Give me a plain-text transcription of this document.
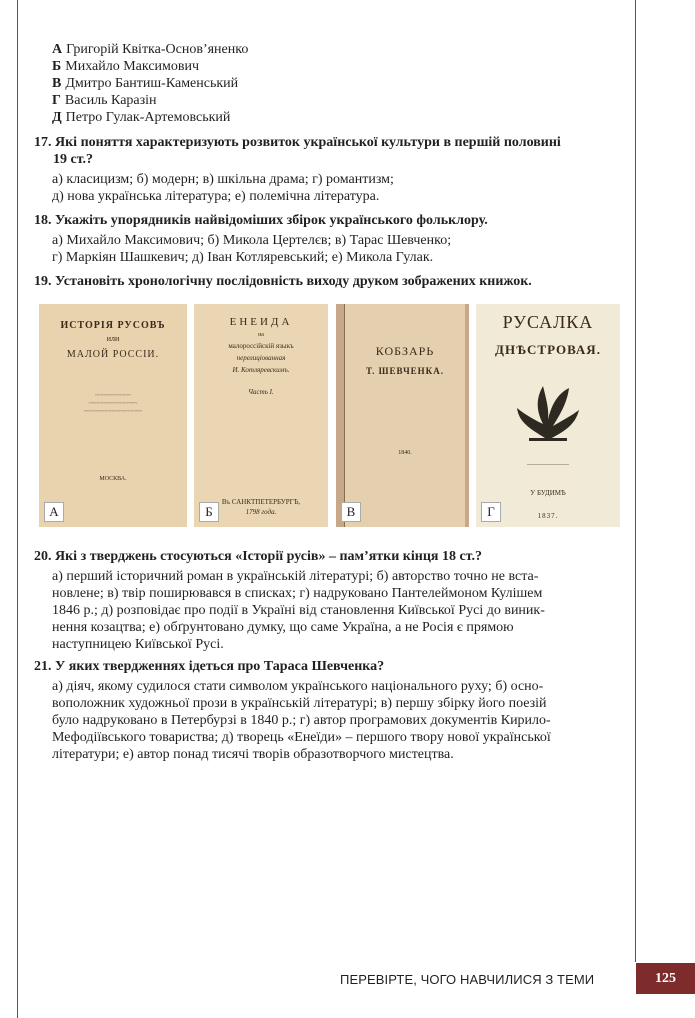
А Григорій Квітка-Основ’яненко
Б Михайло Максимович
В Дмитро Бантиш-Каменський
Г Василь Каразін
Д Петро Гулак-Артемовський
17. Які поняття характеризують розвиток української культури в першій половині
19 ст.?
а) класицизм; б) модерн; в) шкільна драма; г) романтизм;
д) нова українська література; е) полемічна література.
18. Укажіть упорядників найвідоміших збірок українського фольклору.
а) Михайло Максимович; б) Микола Цертелєв; в) Тарас Шевченко;
г) Маркіян Шашкевич; д) Іван Котляревський; е) Микола Гулак.
19. Установіть хронологічну послідовність виходу друком зображених книжок.
ИСТОРІЯ РУСОВЪ
или
МАЛОЙ РОССІИ.
~~~~~~~~~~~
~~~~~~~~~~~~~~~
~~~~~~~~~~~~~~~~~~
МОСКВА.
А
ЕНЕИДА
на
малороссійскій языкъ
перелиціованная
И. Котляревскимъ.
Часть I.
Въ САНКТПЕТЕРБУРГѢ,
1798 года.
Б
КОБЗАРЬ
Т. ШЕВЧЕНКА.
1840.
В
РУСАЛКА
ДНѢСТРОВАЯ.
———————
У БУДИМѢ
1837.
Г
20. Які з тверджень стосуються «Історії русів» – пам’ятки кінця 18 ст.?
а) перший історичний роман в українській літературі; б) авторство точно не вста-
новлене; в) твір поширювався в списках; г) надруковано Пантелеймоном Кулішем
1846 р.; д) розповідає про події в Україні від становлення Київської Русі до виник-
нення козацтва; е) обґрунтовано думку, що саме Україна, а не Росія є прямою
наступницею Київської Русі.
21. У яких твердженнях ідеться про Тараса Шевченка?
а) діяч, якому судилося стати символом українського національного руху; б) осно-
воположник художньої прози в українській літературі; в) першу збірку його поезій
було надруковано в Петербурзі в 1840 р.; г) автор програмових документів Кирило-
Мефодіївського товариства; д) творець «Енеїди» – першого твору нової української
літератури; е) автор понад тисячі творів образотворчого мистецтва.
ПЕРЕВІРТЕ, ЧОГО НАВЧИЛИСЯ З ТЕМИ	125
